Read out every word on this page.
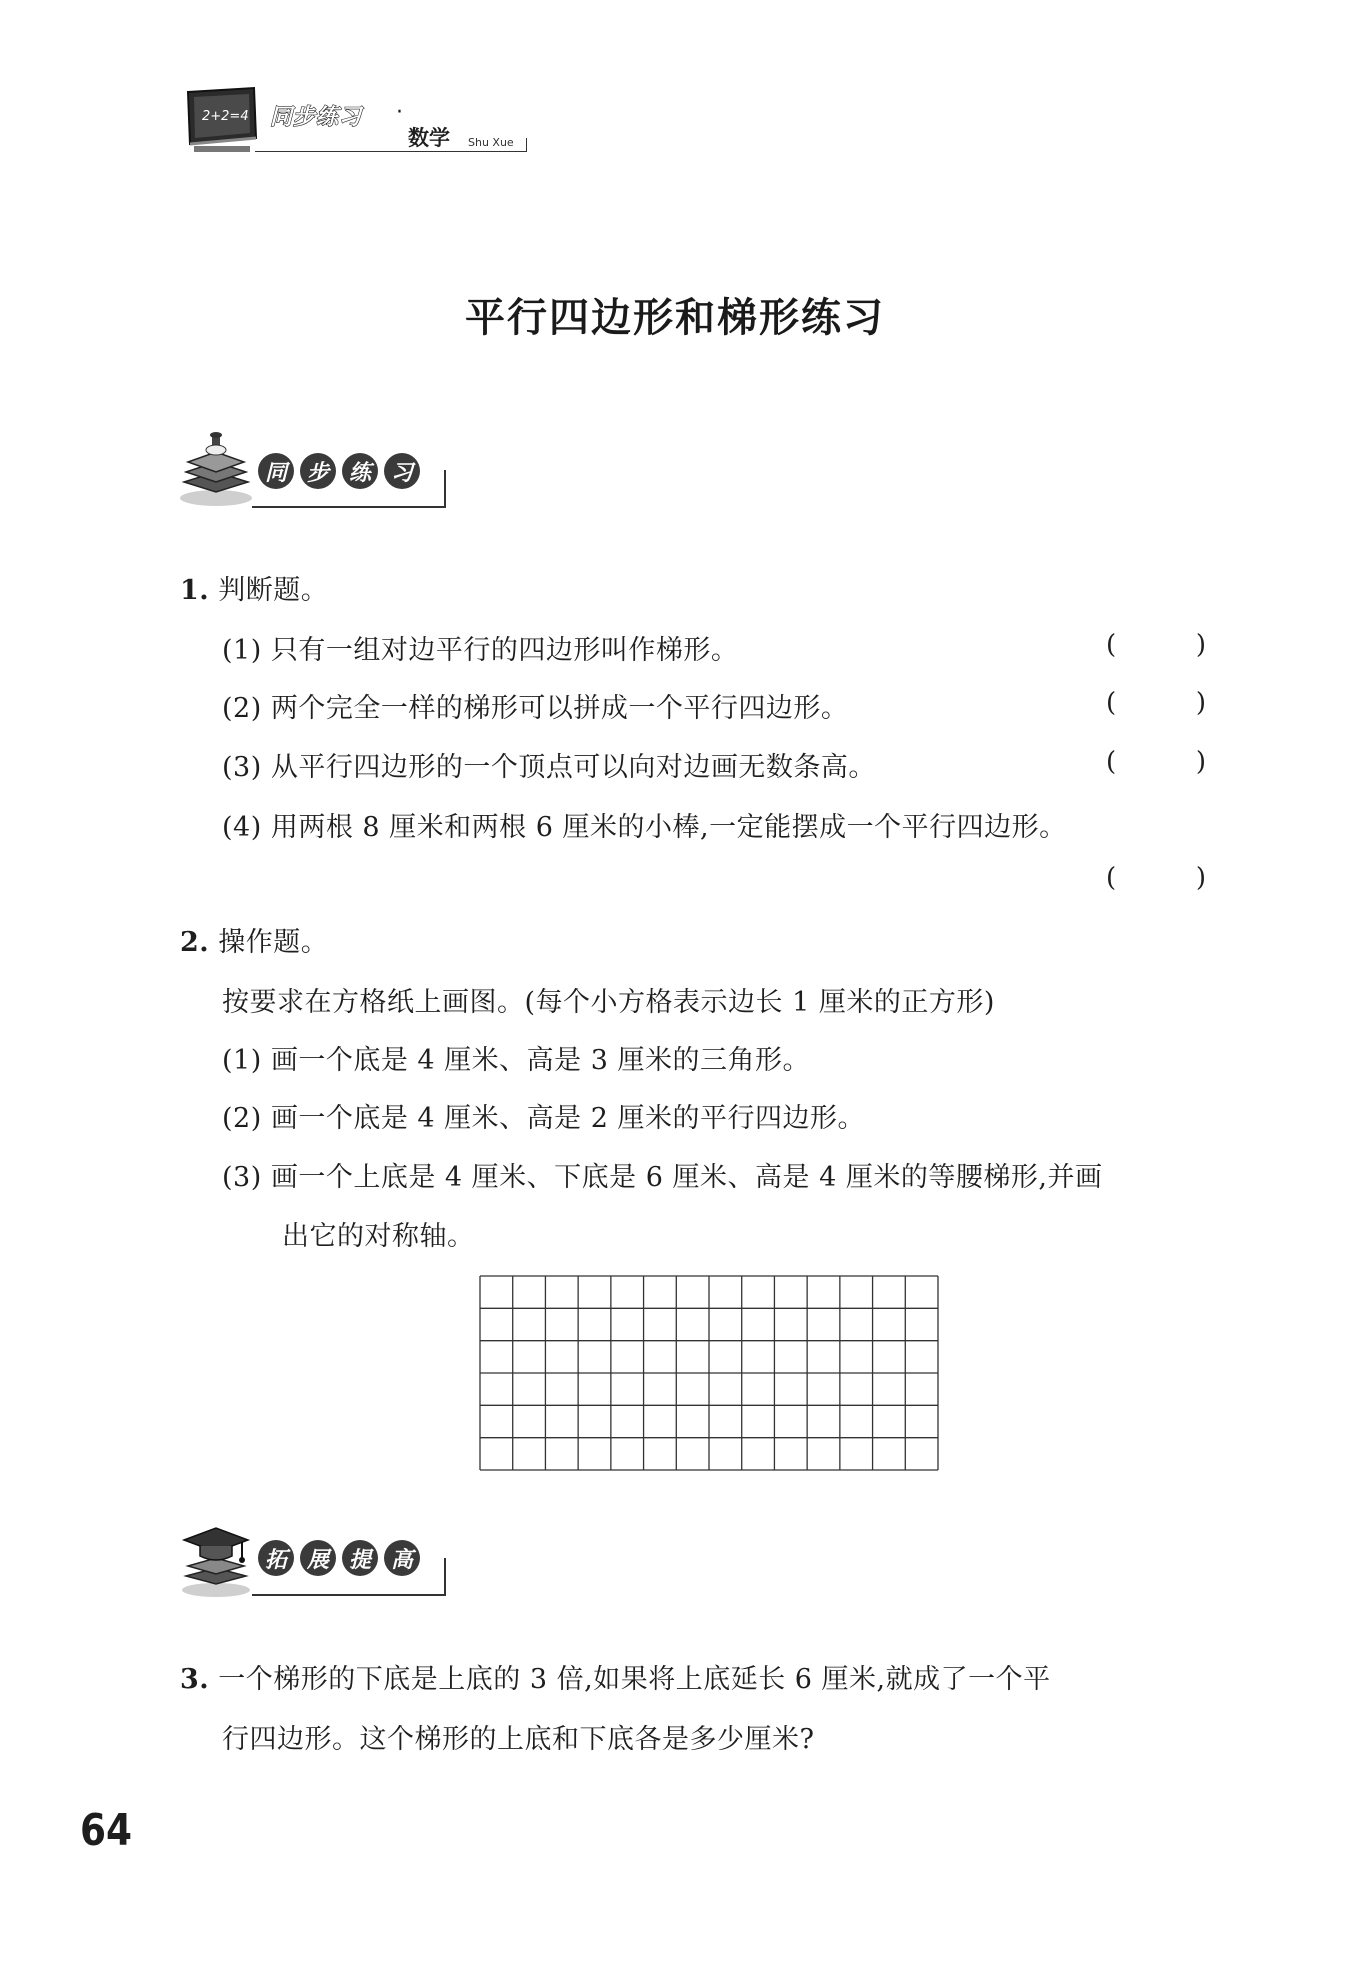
2+2=4 同步练习 ·
数学 Shu Xue
平行四边形和梯形练习
同 步 练 习
1. 判断题。
(1) 只有一组对边平行的四边形叫作梯形。	(	)
(2) 两个完全一样的梯形可以拼成一个平行四边形。	(	)
(3) 从平行四边形的一个顶点可以向对边画无数条高。	(	)
(4) 用两根 8 厘米和两根 6 厘米的小棒,一定能摆成一个平行四边形。
(	)
2. 操作题。
按要求在方格纸上画图。(每个小方格表示边长 1 厘米的正方形)
(1) 画一个底是 4 厘米、高是 3 厘米的三角形。
(2) 画一个底是 4 厘米、高是 2 厘米的平行四边形。
(3) 画一个上底是 4 厘米、下底是 6 厘米、高是 4 厘米的等腰梯形,并画
出它的对称轴。
拓 展 提 高
3. 一个梯形的下底是上底的 3 倍,如果将上底延长 6 厘米,就成了一个平
行四边形。这个梯形的上底和下底各是多少厘米?
64
